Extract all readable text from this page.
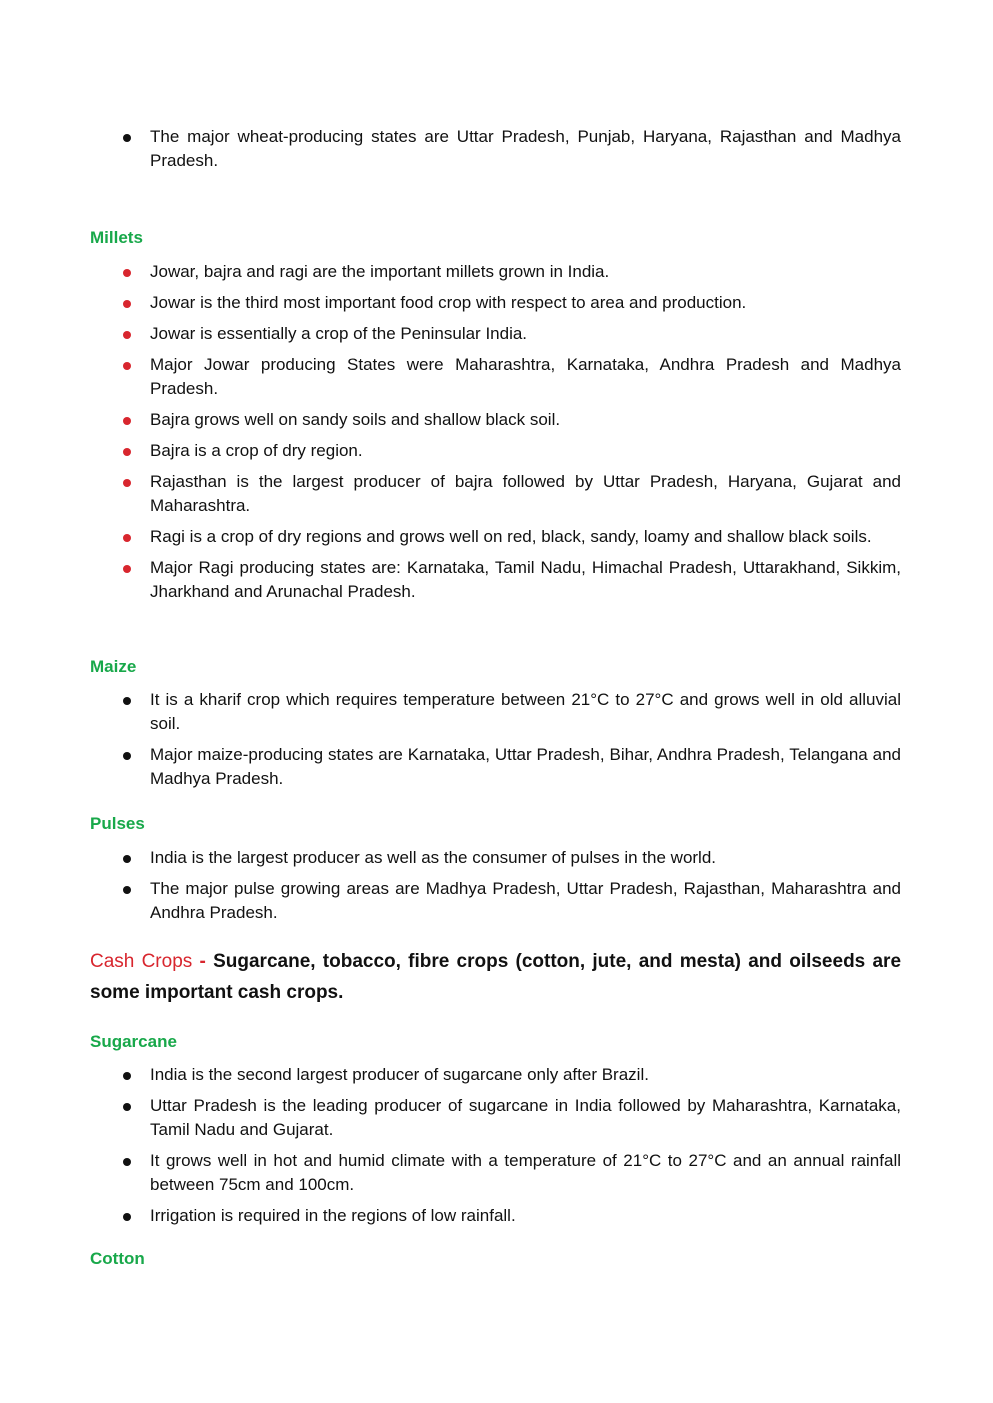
The major wheat-producing states are Uttar Pradesh, Punjab, Haryana, Rajasthan and Madhya Pradesh.
Millets
Jowar, bajra and ragi are the important millets grown in India.
Jowar is the third most important food crop with respect to area and production.
Jowar is essentially a crop of the Peninsular India.
Major Jowar producing States were Maharashtra, Karnataka, Andhra Pradesh and Madhya Pradesh.
Bajra grows well on sandy soils and shallow black soil.
Bajra is a crop of dry region.
Rajasthan is the largest producer of bajra followed by Uttar Pradesh, Haryana, Gujarat and Maharashtra.
Ragi is a crop of dry regions and grows well on red, black, sandy, loamy and shallow black soils.
Major Ragi producing states are: Karnataka, Tamil Nadu, Himachal Pradesh, Uttarakhand, Sikkim, Jharkhand and Arunachal Pradesh.
Maize
It is a kharif crop which requires temperature between 21°C to 27°C and grows well in old alluvial soil.
Major maize-producing states are Karnataka, Uttar Pradesh, Bihar, Andhra Pradesh, Telangana and Madhya Pradesh.
Pulses
India is the largest producer as well as the consumer of pulses in the world.
The major pulse growing areas are Madhya Pradesh, Uttar Pradesh, Rajasthan, Maharashtra and Andhra Pradesh.

Cash Crops - Sugarcane, tobacco, fibre crops (cotton, jute, and mesta) and oilseeds are some important cash crops.

Sugarcane
India is the second largest producer of sugarcane only after Brazil.
Uttar Pradesh is the leading producer of sugarcane in India followed by Maharashtra, Karnataka, Tamil Nadu and Gujarat.
It grows well in hot and humid climate with a temperature of 21°C to 27°C and an annual rainfall between 75cm and 100cm.
Irrigation is required in the regions of low rainfall.
Cotton
